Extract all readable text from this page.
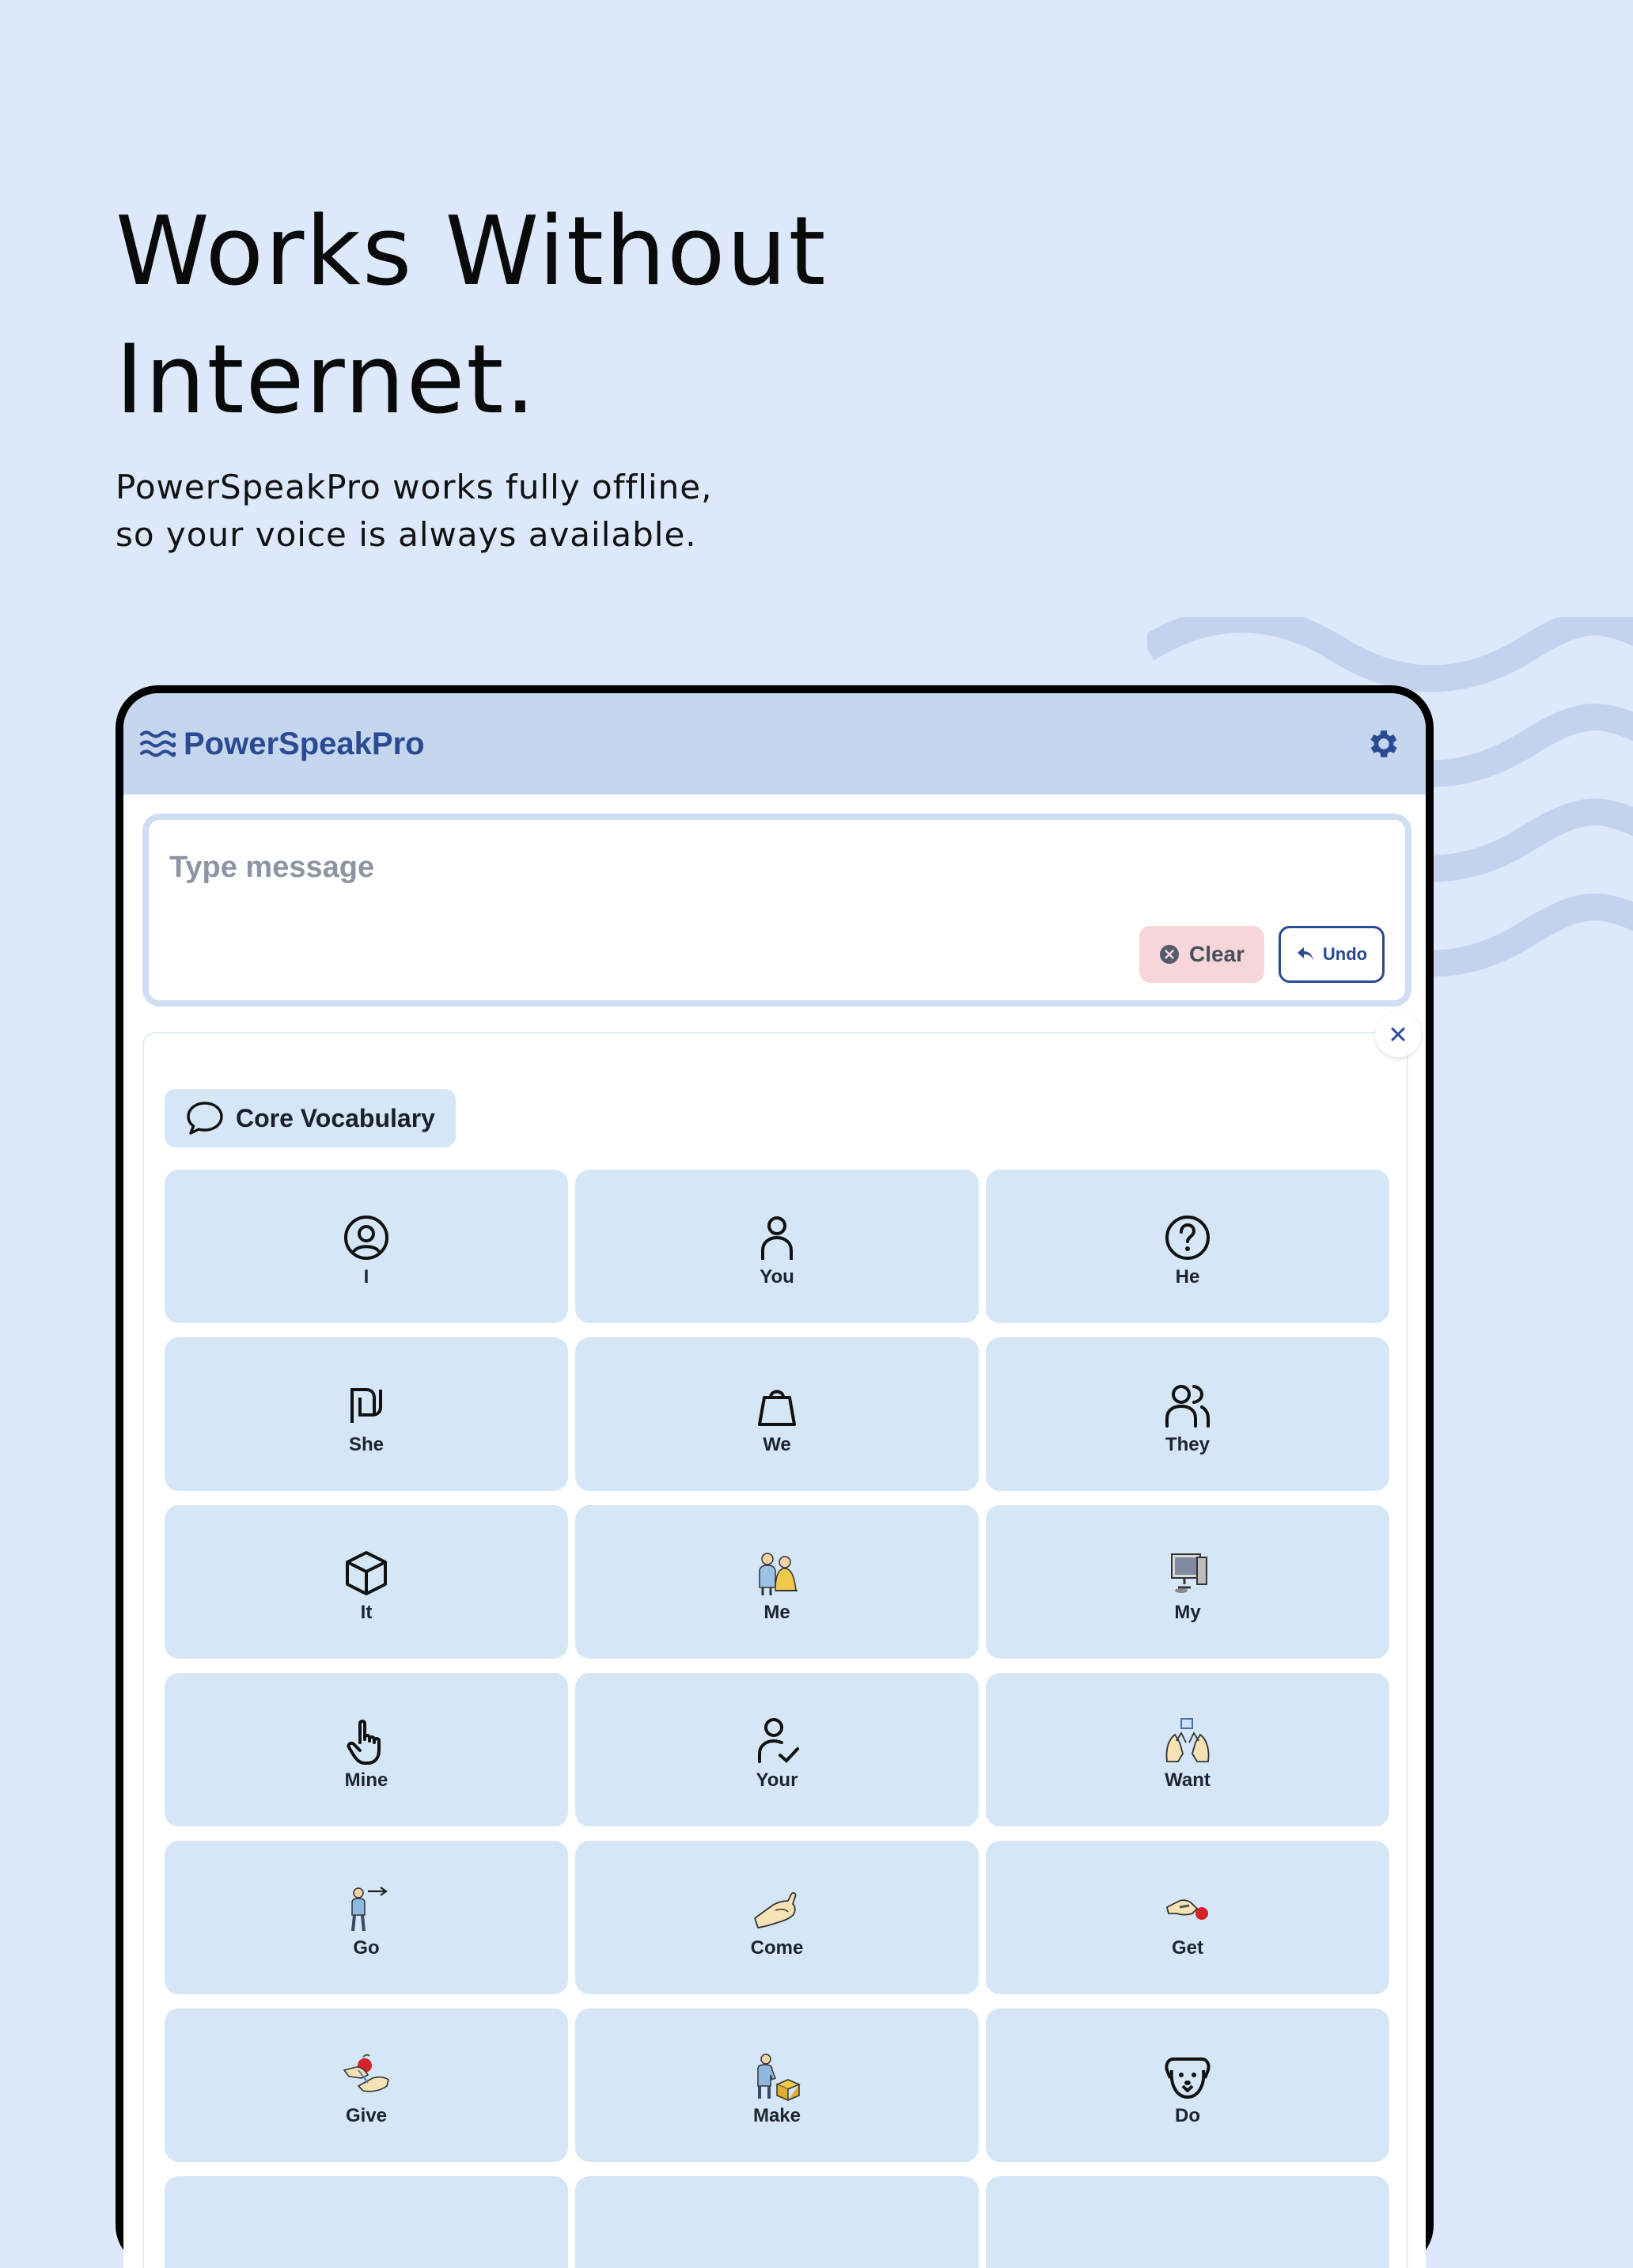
Works Without
Internet.

PowerSpeakPro works fully offline,
so your voice is always available.

PowerSpeakPro
Type message
Clear	Undo
Core Vocabulary
I	You	He
She	We	They
It	Me	My
Mine	Your	Want
Go	Come	Get
Give	Make	Do
